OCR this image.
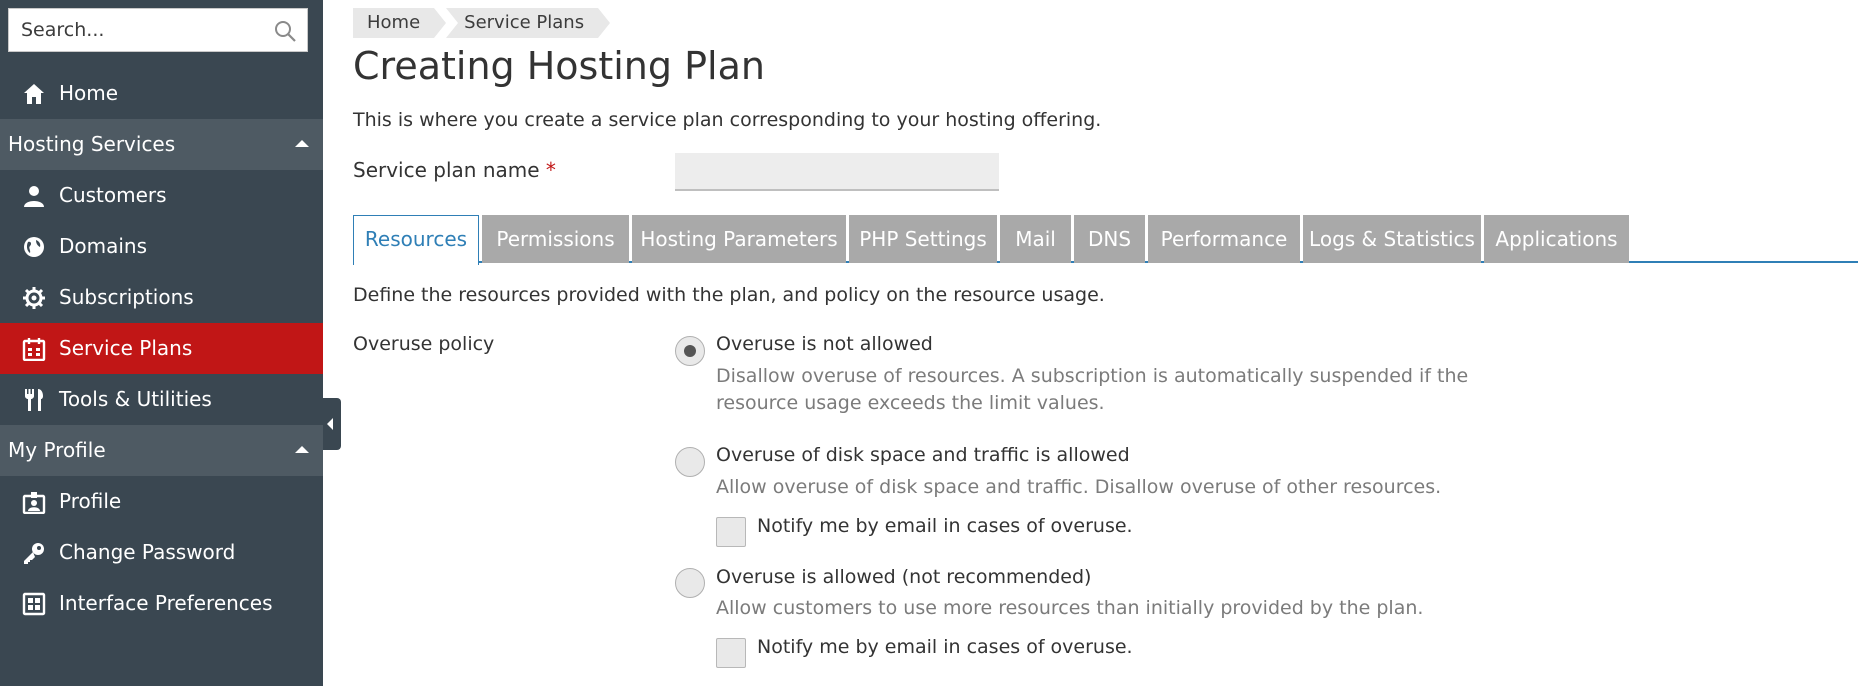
Search...
Home
Hosting Services
Customers
Domains
Subscriptions
Service Plans
Tools & Utilities
My Profile
Profile
Change Password
Interface Preferences
Home	Service Plans
Creating Hosting Plan

This is where you create a service plan corresponding to your hosting offering.

Service plan name *
Resources	Permissions	Hosting Parameters	PHP Settings	Mail	DNS	Performance	Logs & Statistics	Applications

Define the resources provided with the plan, and policy on the resource usage.

Overuse policy	Overuse is not allowed
Disallow overuse of resources. A subscription is automatically suspended if the
resource usage exceeds the limit values.
Overuse of disk space and traffic is allowed
Allow overuse of disk space and traffic. Disallow overuse of other resources.
Notify me by email in cases of overuse.
Overuse is allowed (not recommended)
Allow customers to use more resources than initially provided by the plan.
Notify me by email in cases of overuse.
